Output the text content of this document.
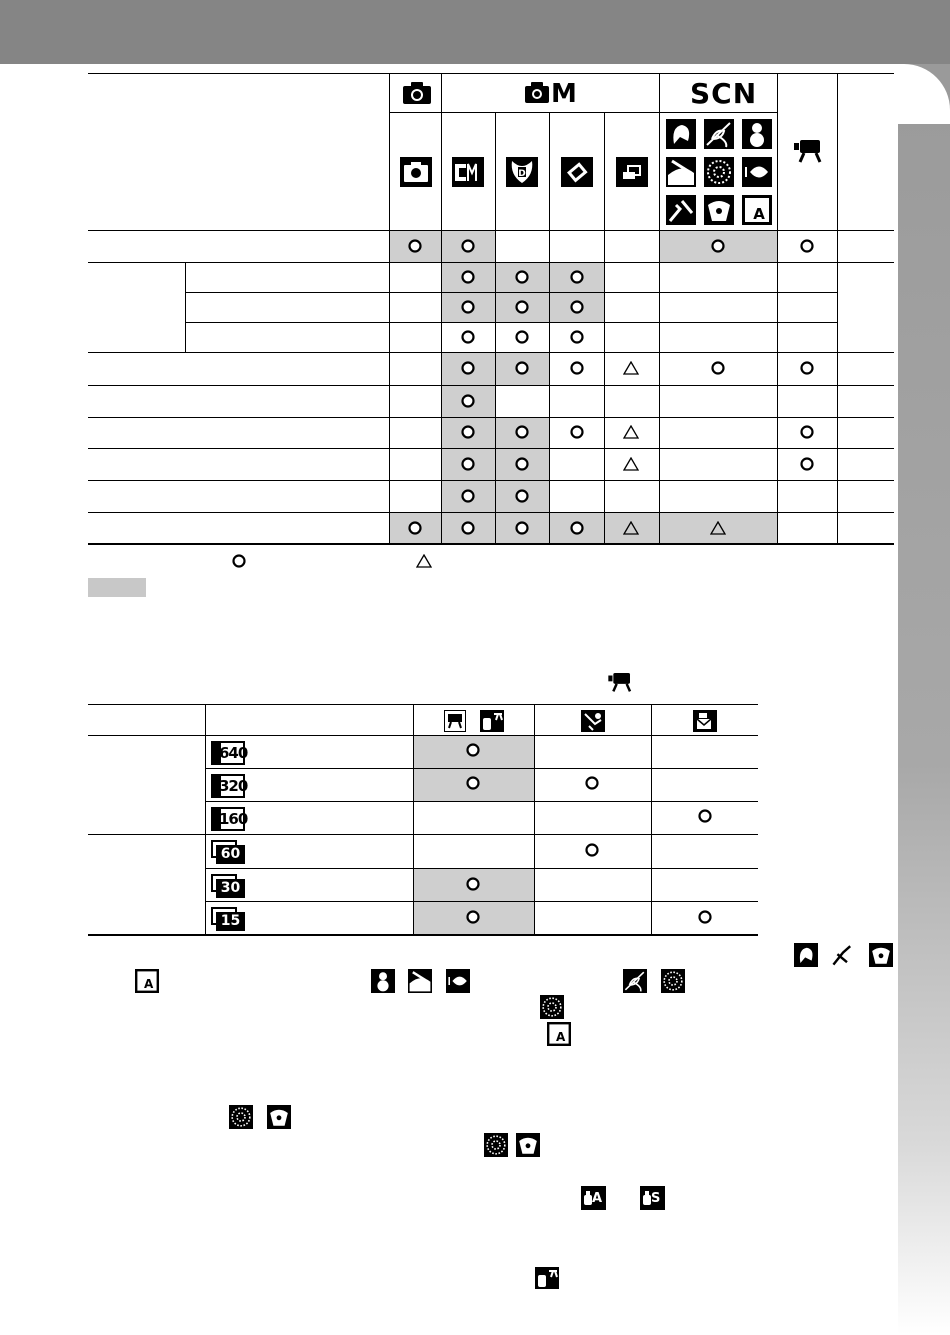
M	SCN
D
A
640
320
160
60
30
15
A
A
A	S
